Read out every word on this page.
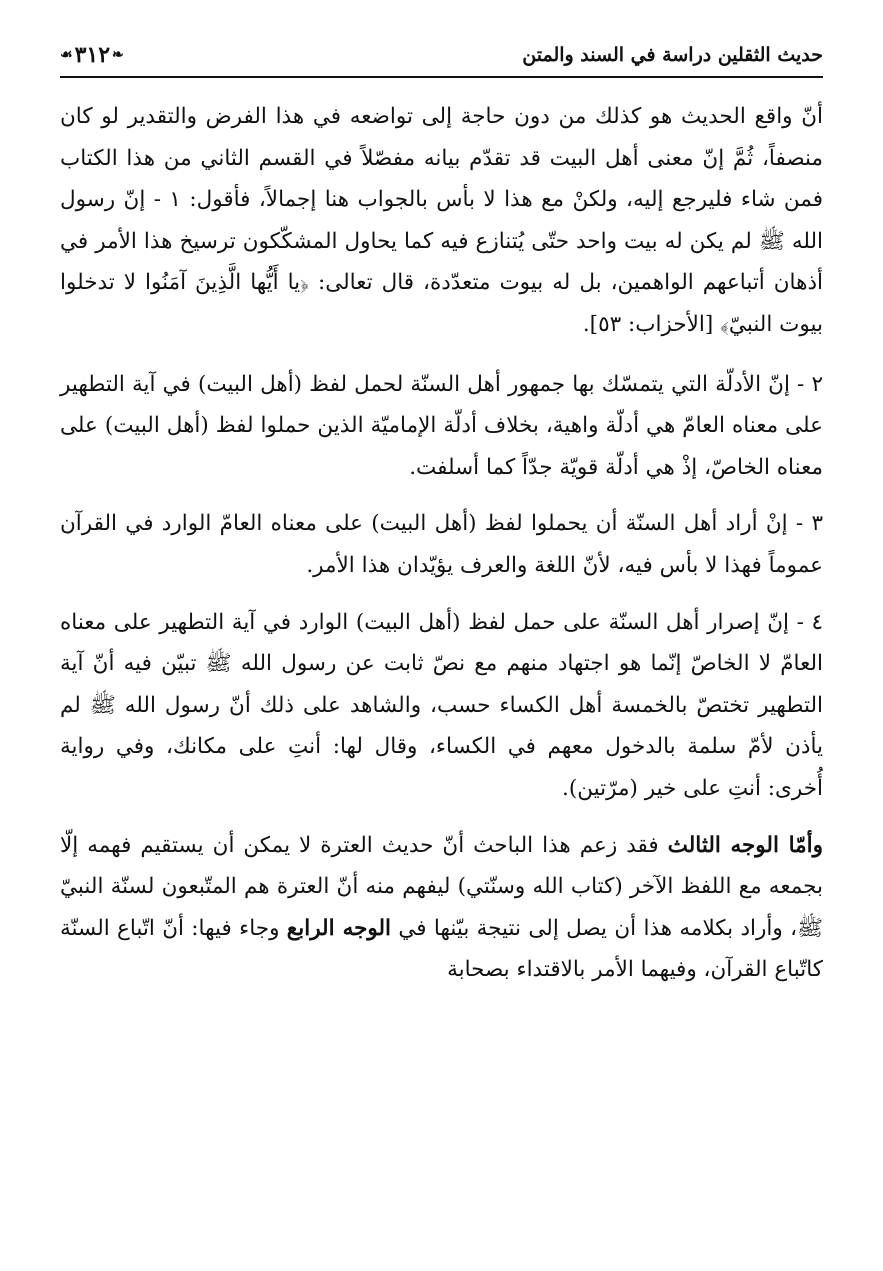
حديث الثقلين دراسة في السند والمتن
❧
٣١٢
☙

أنّ واقع الحديث هو كذلك من دون حاجة إلى تواضعه في هذا الفرض والتقدير لو كان منصفاً، ثُمَّ إنّ معنى أهل البيت قد تقدّم بيانه مفصّلاً في القسم الثاني من هذا الكتاب فمن شاء فليرجع إليه، ولكنْ مع هذا لا بأس بالجواب هنا إجمالاً، فأقول: ١ - إنّ رسول الله ﷺ لم يكن له بيت واحد حتّى يُتنازع فيه كما يحاول المشكّكون ترسيخ هذا الأمر في أذهان أتباعهم الواهمين، بل له بيوت متعدّدة، قال تعالى: ﴿يا أَيُّها الَّذِينَ آمَنُوا لا تدخلوا بيوت النبيّ﴾ [الأحزاب: ٥٣].

٢ - إنّ الأدلّة التي يتمسّك بها جمهور أهل السنّة لحمل لفظ (أهل البيت) في آية التطهير على معناه العامّ هي أدلّة واهية، بخلاف أدلّة الإماميّة الذين حملوا لفظ (أهل البيت) على معناه الخاصّ، إذْ هي أدلّة قويّة جدّاً كما أسلفت.

٣ - إنْ أراد أهل السنّة أن يحملوا لفظ (أهل البيت) على معناه العامّ الوارد في القرآن عموماً فهذا لا بأس فيه، لأنّ اللغة والعرف يؤيّدان هذا الأمر.

٤ - إنّ إصرار أهل السنّة على حمل لفظ (أهل البيت) الوارد في آية التطهير على معناه العامّ لا الخاصّ إنّما هو اجتهاد منهم مع نصّ ثابت عن رسول الله ﷺ تبيّن فيه أنّ آية التطهير تختصّ بالخمسة أهل الكساء حسب، والشاهد على ذلك أنّ رسول الله ﷺ لم يأذن لأمّ سلمة بالدخول معهم في الكساء، وقال لها: أنتِ على مكانك، وفي رواية أُخرى: أنتِ على خير (مرّتين).

وأمّا الوجه الثالث فقد زعم هذا الباحث أنّ حديث العترة لا يمكن أن يستقيم فهمه إلّا بجمعه مع اللفظ الآخر (كتاب الله وسنّتي) ليفهم منه أنّ العترة هم المتّبعون لسنّة النبيّ ﷺ، وأراد بكلامه هذا أن يصل إلى نتيجة بيّنها في الوجه الرابع وجاء فيها: أنّ اتّباع السنّة كاتّباع القرآن، وفيهما الأمر بالاقتداء بصحابة
